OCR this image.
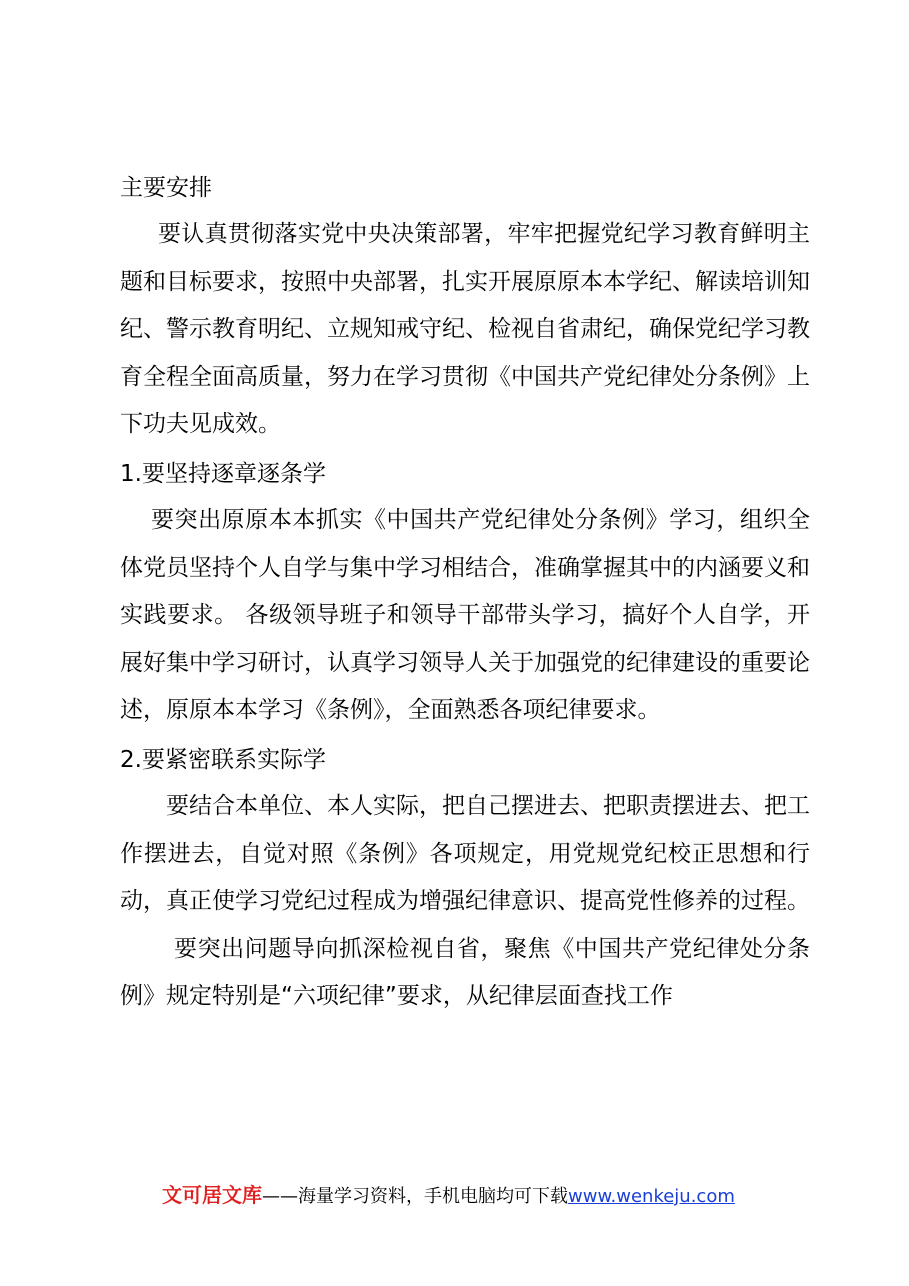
主要安排

要认真贯彻落实党中央决策部署，牢牢把握党纪学习教育鲜明主题和目标要求，按照中央部署，扎实开展原原本本学纪、解读培训知纪、警示教育明纪、立规知戒守纪、检视自省肃纪，确保党纪学习教育全程全面高质量，努力在学习贯彻《中国共产党纪律处分条例》上下功夫见成效。

1.要坚持逐章逐条学

要突出原原本本抓实《中国共产党纪律处分条例》学习，组织全体党员坚持个人自学与集中学习相结合，准确掌握其中的内涵要义和实践要求。 各级领导班子和领导干部带头学习，搞好个人自学，开展好集中学习研讨，认真学习领导人关于加强党的纪律建设的重要论述，原原本本学习《条例》，全面熟悉各项纪律要求。

2.要紧密联系实际学

要结合本单位、本人实际，把自己摆进去、把职责摆进去、把工作摆进去，自觉对照《条例》各项规定，用党规党纪校正思想和行动，真正使学习党纪过程成为增强纪律意识、提高党性修养的过程。

要突出问题导向抓深检视自省，聚焦《中国共产党纪律处分条例》规定特别是“六项纪律”要求，从纪律层面查找工作

文可居文库——海量学习资料，手机电脑均可下载www.wenkeju.com
